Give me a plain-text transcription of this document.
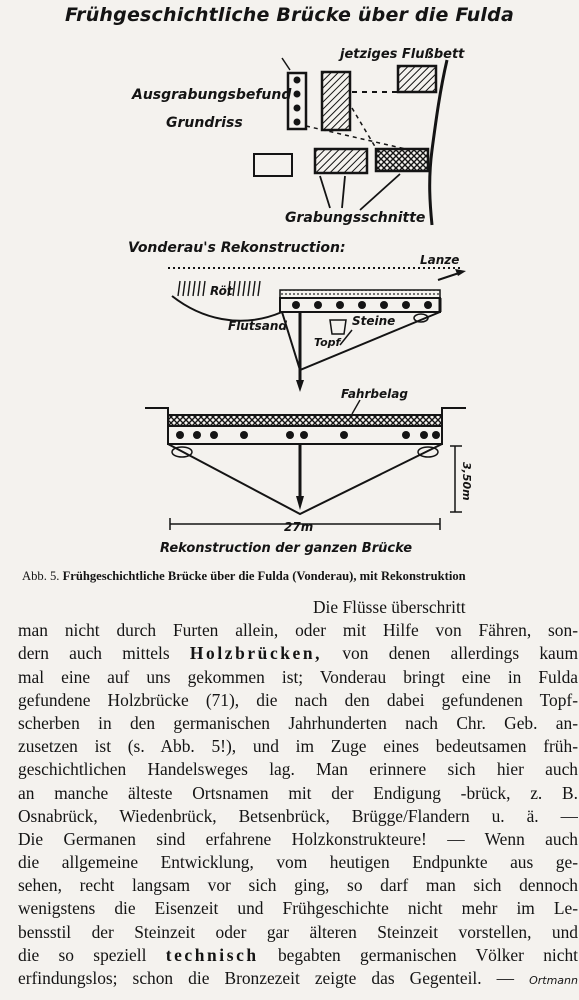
Frühgeschichtliche Brücke über die Fulda
jetziges Flußbett
Ausgrabungsbefund
Grundriss
Grabungsschnitte
Vonderau's Rekonstruction:
Röt
Lanze
Flutsand	Steine
Topf
Fahrbelag
3,50m
27m
Rekonstruction der ganzen Brücke
Abb. 5. Frühgeschichtliche Brücke über die Fulda (Vonderau), mit Rekonstruktion
Die Flüsse überschritt
man nicht durch Furten allein, oder mit Hilfe von Fähren, son-
dern auch mittels Holzbrücken, von denen allerdings kaum
mal eine auf uns gekommen ist; Vonderau bringt eine in Fulda
gefundene Holzbrücke (71), die nach den dabei gefundenen Topf-
scherben in den germanischen Jahrhunderten nach Chr. Geb. an-
zusetzen ist (s. Abb. 5!), und im Zuge eines bedeutsamen früh-
geschichtlichen Handelsweges lag. Man erinnere sich hier auch
an manche älteste Ortsnamen mit der Endigung -brück, z. B.
Osnabrück, Wiedenbrück, Betsenbrück, Brügge/Flandern u. ä. —
Die Germanen sind erfahrene Holzkonstrukteure! — Wenn auch
die allgemeine Entwicklung, vom heutigen Endpunkte aus ge-
sehen, recht langsam vor sich ging, so darf man sich dennoch
wenigstens die Eisenzeit und Frühgeschichte nicht mehr im Le-
bensstil der Steinzeit oder gar älteren Steinzeit vorstellen, und
die so speziell technisch begabten germanischen Völker nicht
erfindungslos; schon die Bronzezeit zeigte das Gegenteil. — Ortmann
